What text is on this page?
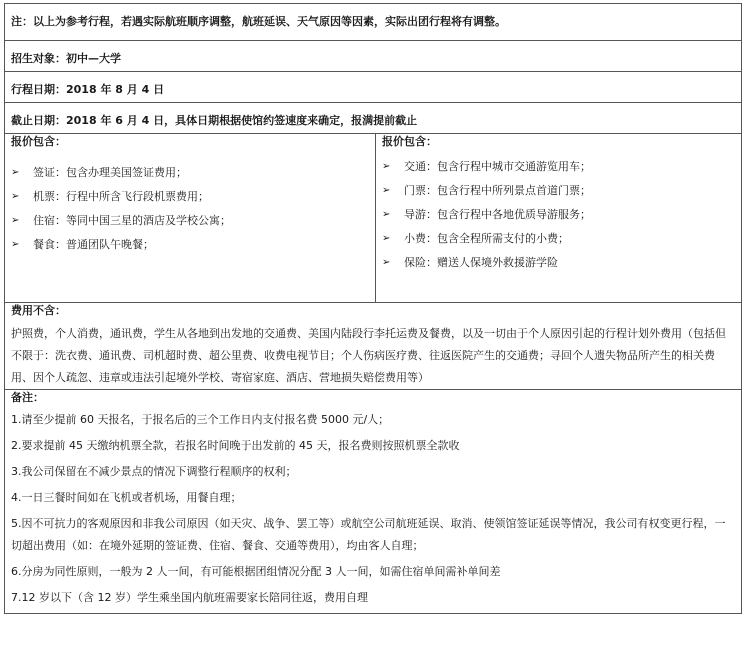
注：以上为参考行程，若遇实际航班顺序调整，航班延误、天气原因等因素，实际出团行程将有调整。

招生对象：初中—大学

行程日期：2018 年 8 月 4 日

截止日期：2018 年 6 月 4 日，具体日期根据使馆约签速度来确定，报满提前截止

报价包含：
➢	签证：包含办理美国签证费用；
➢	机票：行程中所含飞行段机票费用；
➢	住宿：等同中国三星的酒店及学校公寓；
➢	餐食：普通团队午晚餐；

报价包含：
➢	交通：包含行程中城市交通游览用车；
➢	门票：包含行程中所列景点首道门票；
➢	导游：包含行程中各地优质导游服务；
➢	小费：包含全程所需支付的小费；
➢	保险：赠送人保境外救援游学险

费用不含：
护照费，个人消费，通讯费，学生从各地到出发地的交通费、美国内陆段行李托运费及餐费，以及一切由于个人原因引起的行程计划外费用（包括但不限于：洗衣费、通讯费、司机超时费、超公里费、收费电视节目；个人伤病医疗费、往返医院产生的交通费；寻回个人遗失物品所产生的相关费用、因个人疏忽、违章或违法引起境外学校、寄宿家庭、酒店、营地损失赔偿费用等）

备注：
1.请至少提前 60 天报名，于报名后的三个工作日内支付报名费 5000 元/人；
2.要求提前 45 天缴纳机票全款，若报名时间晚于出发前的 45 天，报名费则按照机票全款收
3.我公司保留在不减少景点的情况下调整行程顺序的权利；
4.一日三餐时间如在飞机或者机场，用餐自理；
5.因不可抗力的客观原因和非我公司原因（如天灾、战争、罢工等）或航空公司航班延误、取消、使领馆签证延误等情况，我公司有权变更行程，一切超出费用（如：在境外延期的签证费、住宿、餐食、交通等费用），均由客人自理；
6.分房为同性原则，一般为 2 人一间，有可能根据团组情况分配 3 人一间，如需住宿单间需补单间差
7.12 岁以下（含 12 岁）学生乘坐国内航班需要家长陪同往返，费用自理
